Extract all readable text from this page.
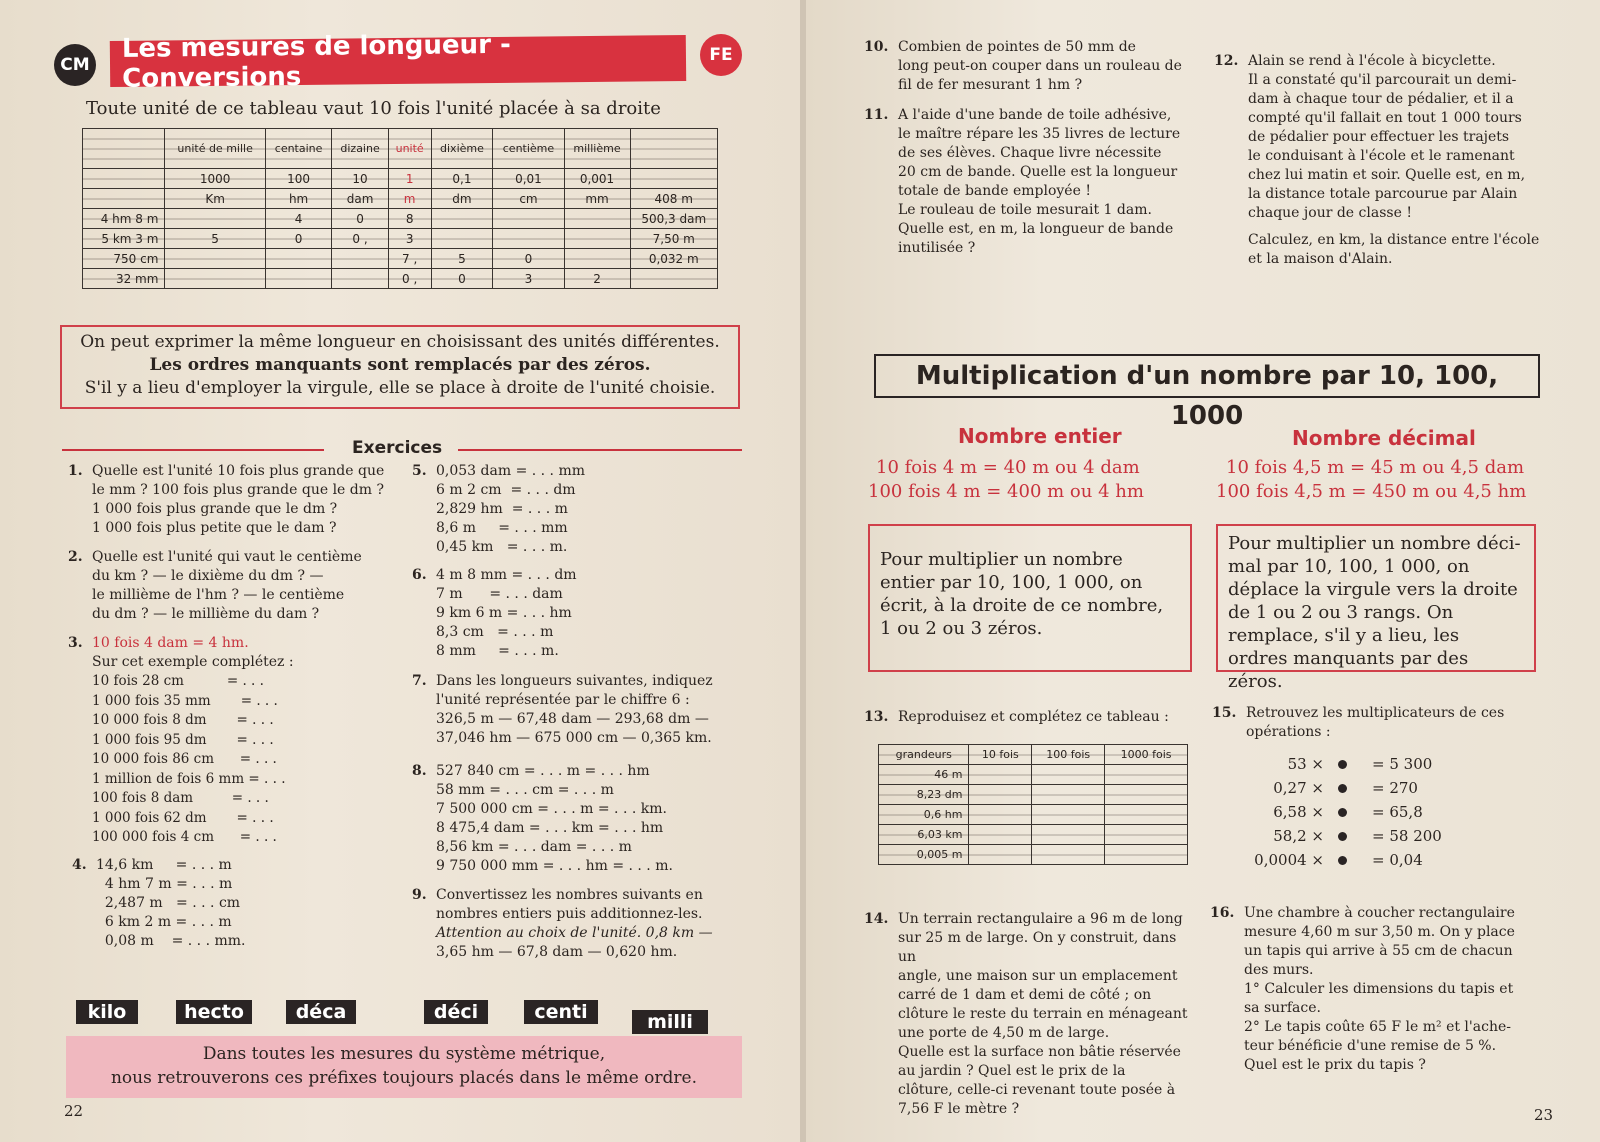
CM
Les mesures de longueur - Conversions
FE
Toute unité de ce tableau vaut 10 fois l'unité placée à sa droite
	unité de mille	centaine	dizaine	unité	dixième	centième	millième	
	1000	100	10	1	0,1	0,01	0,001	
	Km	hm	dam	m	dm	cm	mm	408 m
4 hm 8 m		4	0	8				500,3 dam
5 km 3 m	5	0	0 ,	3				7,50 m
750 cm				7 ,	5	0		0,032 m
32 mm				0 ,	0	3	2	
On peut exprimer la même longueur en choisissant des unités différentes.
Les ordres manquants sont remplacés par des zéros.
S'il y a lieu d'employer la virgule, elle se place à droite de l'unité choisie.
Exercices
1. Quelle est l'unité 10 fois plus grande que
le mm ? 100 fois plus grande que le dm ?
1 000 fois plus grande que le dm ?
1 000 fois plus petite que le dam ?
2. Quelle est l'unité qui vaut le centième
du km ? — le dixième du dm ? —
le millième de l'hm ? — le centième
du dm ? — le millième du dam ?
3. 10 fois 4 dam = 4 hm.
Sur cet exemple complétez :
10 fois 28 cm          = . . .
1 000 fois 35 mm       = . . .
10 000 fois 8 dm       = . . .
1 000 fois 95 dm       = . . .
10 000 fois 86 cm      = . . .
1 million de fois 6 mm = . . .
100 fois 8 dam         = . . .
1 000 fois 62 dm       = . . .
100 000 fois 4 cm      = . . .
4. 14,6 km     = . . . m
4 hm 7 m = . . . m
2,487 m   = . . . cm
6 km 2 m = . . . m
0,08 m    = . . . mm.
5. 0,053 dam = . . . mm
6 m 2 cm  = . . . dm
2,829 hm  = . . . m
8,6 m     = . . . mm
0,45 km   = . . . m.
6. 4 m 8 mm = . . . dm
7 m      = . . . dam
9 km 6 m = . . . hm
8,3 cm   = . . . m
8 mm     = . . . m.
7. Dans les longueurs suivantes, indiquez
l'unité représentée par le chiffre 6 :
326,5 m — 67,48 dam — 293,68 dm —
37,046 hm — 675 000 cm — 0,365 km.
8. 527 840 cm = . . . m = . . . hm
58 mm = . . . cm = . . . m
7 500 000 cm = . . . m = . . . km.
8 475,4 dam = . . . km = . . . hm
8,56 km = . . . dam = . . . m
9 750 000 mm = . . . hm = . . . m.
9. Convertissez les nombres suivants en
nombres entiers puis additionnez-les.
Attention au choix de l'unité. 0,8 km —
3,65 hm — 67,8 dam — 0,620 hm.
kilo	hecto	déca	déci	centi	milli
Dans toutes les mesures du système métrique,
nous retrouverons ces préfixes toujours placés dans le même ordre.
22
10. Combien de pointes de 50 mm de
long peut-on couper dans un rouleau de
fil de fer mesurant 1 hm ?
11. A l'aide d'une bande de toile adhésive,
le maître répare les 35 livres de lecture
de ses élèves. Chaque livre nécessite
20 cm de bande. Quelle est la longueur
totale de bande employée !
Le rouleau de toile mesurait 1 dam.
Quelle est, en m, la longueur de bande
inutilisée ?
12. Alain se rend à l'école à bicyclette.
Il a constaté qu'il parcourait un demi-
dam à chaque tour de pédalier, et il a
compté qu'il fallait en tout 1 000 tours
de pédalier pour effectuer les trajets
le conduisant à l'école et le ramenant
chez lui matin et soir. Quelle est, en m,
la distance totale parcourue par Alain
chaque jour de classe !
Calculez, en km, la distance entre l'école
et la maison d'Alain.
Multiplication d'un nombre par 10, 100, 1000
Nombre entier
10 fois 4 m = 40 m ou 4 dam
100 fois 4 m = 400 m ou 4 hm
Pour multiplier un nombre entier par 10, 100, 1 000, on écrit, à la droite de ce nombre, 1 ou 2 ou 3 zéros.
Nombre décimal
10 fois 4,5 m = 45 m ou 4,5 dam
100 fois 4,5 m = 450 m ou 4,5 hm
Pour multiplier un nombre déci-mal par 10, 100, 1 000, on déplace la virgule vers la droite de 1 ou 2 ou 3 rangs. On remplace, s'il y a lieu, les ordres manquants par des zéros.
13. Reproduisez et complétez ce tableau :
grandeurs	10 fois	100 fois	1000 fois
46 m			
8,23 dm			
0,6 hm			
6,03 km			
0,005 m			
15. Retrouvez les multiplicateurs de ces
opérations :
53 ×	= 5 300
0,27 ×	= 270
6,58 ×	= 65,8
58,2 ×	= 58 200
0,0004 ×	= 0,04
14. Un terrain rectangulaire a 96 m de long
sur 25 m de large. On y construit, dans un
angle, une maison sur un emplacement
carré de 1 dam et demi de côté ; on
clôture le reste du terrain en ménageant
une porte de 4,50 m de large.
Quelle est la surface non bâtie réservée
au jardin ? Quel est le prix de la
clôture, celle-ci revenant toute posée à
7,56 F le mètre ?
16. Une chambre à coucher rectangulaire
mesure 4,60 m sur 3,50 m. On y place
un tapis qui arrive à 55 cm de chacun
des murs.
1° Calculer les dimensions du tapis et
sa surface.
2° Le tapis coûte 65 F le m² et l'ache-
teur bénéficie d'une remise de 5 %.
Quel est le prix du tapis ?
23
